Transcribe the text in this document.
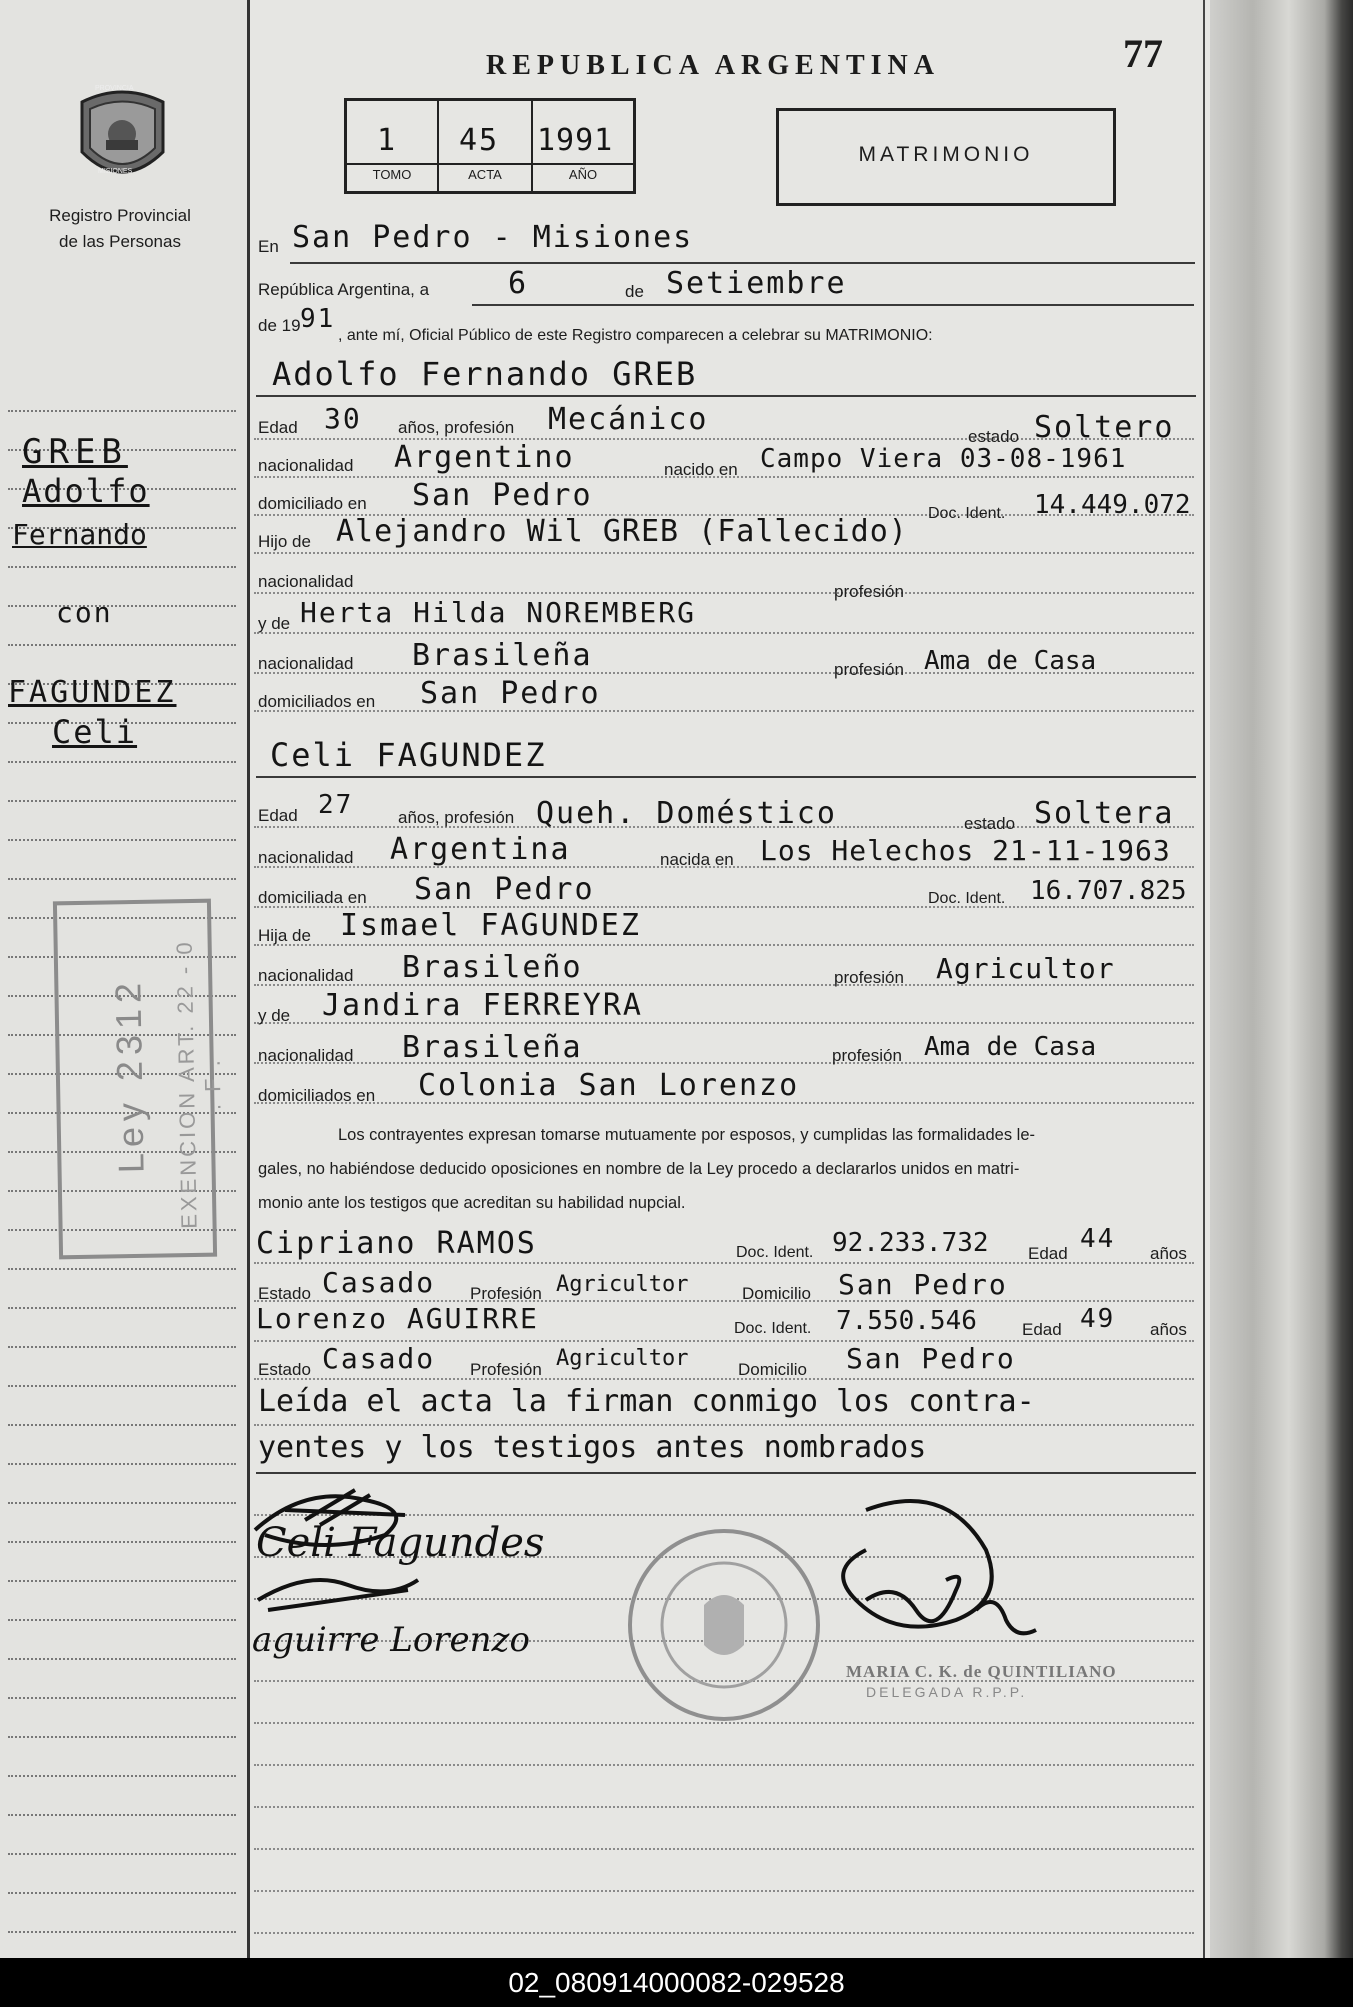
PROVINCIA
MISIONES
Registro Provincial
de las Personas
REPUBLICA ARGENTINA	77
1 45 1991
TOMO	ACTA	AÑO
MATRIMONIO
GREB
Adolfo
Fernando
con
FAGUNDEZ
Celi
Ley 2312 EXENCION ART. 22 - 0 . F .
En San Pedro - Misiones
República Argentina, a	6	de Setiembre
de 19 91
, ante mí, Oficial Público de este Registro comparecen a celebrar su MATRIMONIO:
Adolfo Fernando GREB
Edad 30 años, profesión Mecánico	estado Soltero
nacionalidad Argentino	nacido en Campo Viera 03-08-1961
domiciliado en San Pedro
Doc. Ident. 14.449.072
Hijo de Alejandro Wil GREB (Fallecido)
nacionalidad
profesión
y de Herta Hilda NOREMBERG
nacionalidad Brasileña	profesión Ama de Casa
domiciliados en San Pedro
Celi FAGUNDEZ
Edad 27	años, profesión Queh. Doméstico	estado Soltera
nacionalidad Argentina	nacida en Los Helechos 21-11-1963
domiciliada en San Pedro	Doc. Ident. 16.707.825
Hija de Ismael FAGUNDEZ
nacionalidad Brasileño	profesión Agricultor
y de Jandira FERREYRA
nacionalidad Brasileña	profesión Ama de Casa
domiciliados en Colonia San Lorenzo
Los contrayentes expresan tomarse mutuamente por esposos, y cumplidas las formalidades le-
gales, no habiéndose deducido oposiciones en nombre de la Ley procedo a declararlos unidos en matri-
monio ante los testigos que acreditan su habilidad nupcial.
Cipriano RAMOS	Doc. Ident. 92.233.732 Edad 44 años
Estado Casado Profesión Agricultor	Domicilio San Pedro
Lorenzo AGUIRRE	Doc. Ident. 7.550.546	Edad 49 años
Estado Casado Profesión Agricultor	Domicilio San Pedro
Leída el acta la firman conmigo los contra-
yentes y los testigos antes nombrados
Celi Fagundes
aguirre Lorenzo
MARIA C. K. de QUINTILIANO
DELEGADA R.P.P.
02_080914000082-029528
